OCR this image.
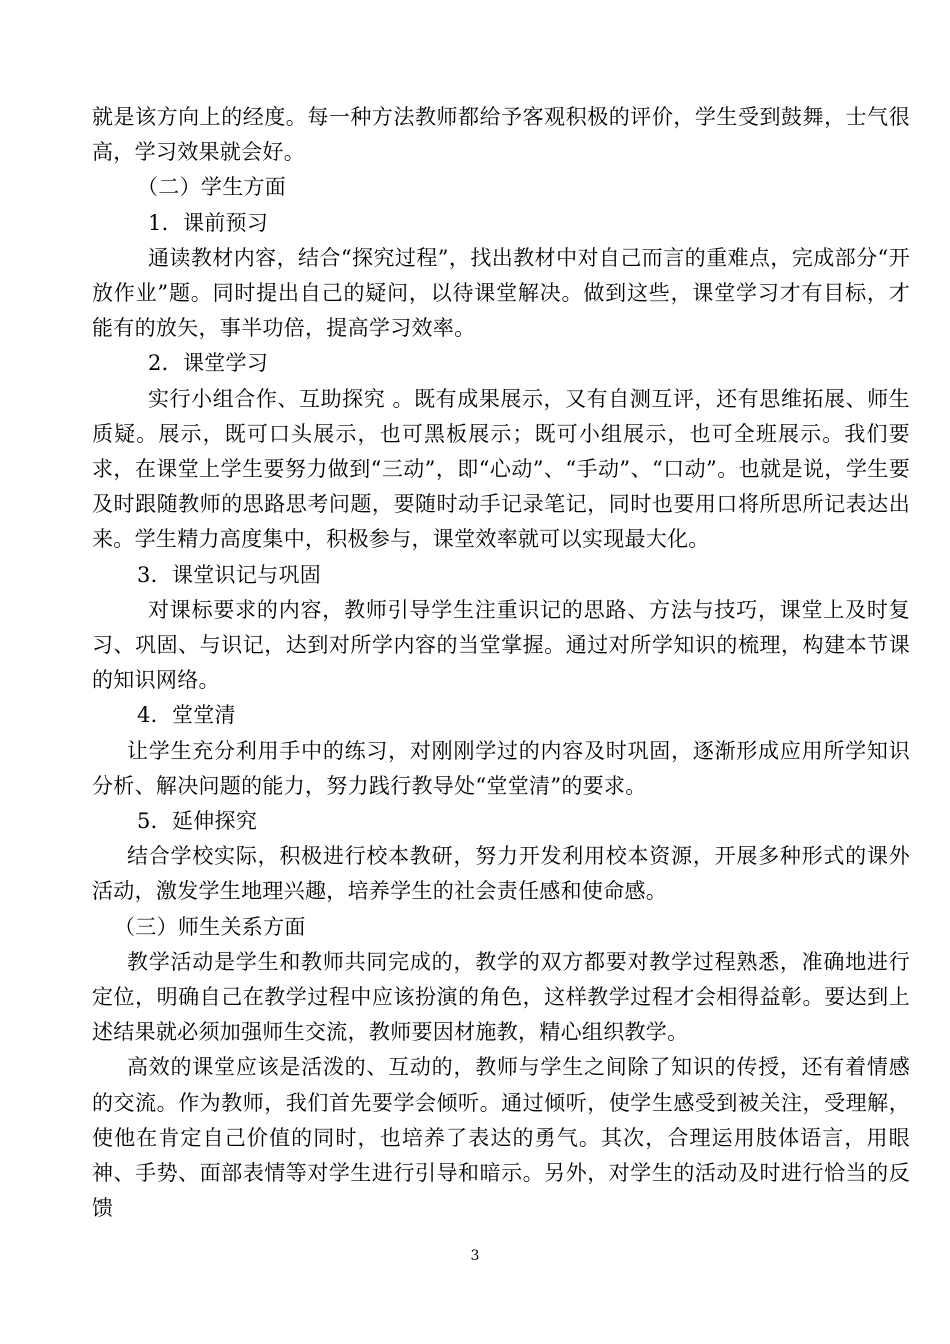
就是该方向上的经度。每一种方法教师都给予客观积极的评价，学生受到鼓舞，士气很高，学习效果就会好。

（二）学生方面

1．课前预习

通读教材内容，结合“探究过程”，找出教材中对自己而言的重难点，完成部分“开放作业”题。同时提出自己的疑问，以待课堂解决。做到这些，课堂学习才有目标，才能有的放矢，事半功倍，提高学习效率。

2．课堂学习

实行小组合作、互助探究 。既有成果展示，又有自测互评，还有思维拓展、师生质疑。展示，既可口头展示，也可黑板展示；既可小组展示，也可全班展示。我们要求，在课堂上学生要努力做到“三动”，即“心动”、“手动”、“口动”。也就是说，学生要及时跟随教师的思路思考问题，要随时动手记录笔记，同时也要用口将所思所记表达出来。学生精力高度集中，积极参与，课堂效率就可以实现最大化。

3．课堂识记与巩固

对课标要求的内容，教师引导学生注重识记的思路、方法与技巧，课堂上及时复习、巩固、与识记，达到对所学内容的当堂掌握。通过对所学知识的梳理，构建本节课的知识网络。

4．堂堂清

让学生充分利用手中的练习，对刚刚学过的内容及时巩固，逐渐形成应用所学知识分析、解决问题的能力，努力践行教导处“堂堂清”的要求。

5．延伸探究

结合学校实际，积极进行校本教研，努力开发利用校本资源，开展多种形式的课外活动，激发学生地理兴趣，培养学生的社会责任感和使命感。

（三）师生关系方面

教学活动是学生和教师共同完成的，教学的双方都要对教学过程熟悉，准确地进行定位，明确自己在教学过程中应该扮演的角色，这样教学过程才会相得益彰。要达到上述结果就必须加强师生交流，教师要因材施教，精心组织教学。

高效的课堂应该是活泼的、互动的，教师与学生之间除了知识的传授，还有着情感的交流。作为教师，我们首先要学会倾听。通过倾听，使学生感受到被关注，受理解，使他在肯定自己价值的同时，也培养了表达的勇气。其次，合理运用肢体语言，用眼神、手势、面部表情等对学生进行引导和暗示。另外，对学生的活动及时进行恰当的反馈

3
